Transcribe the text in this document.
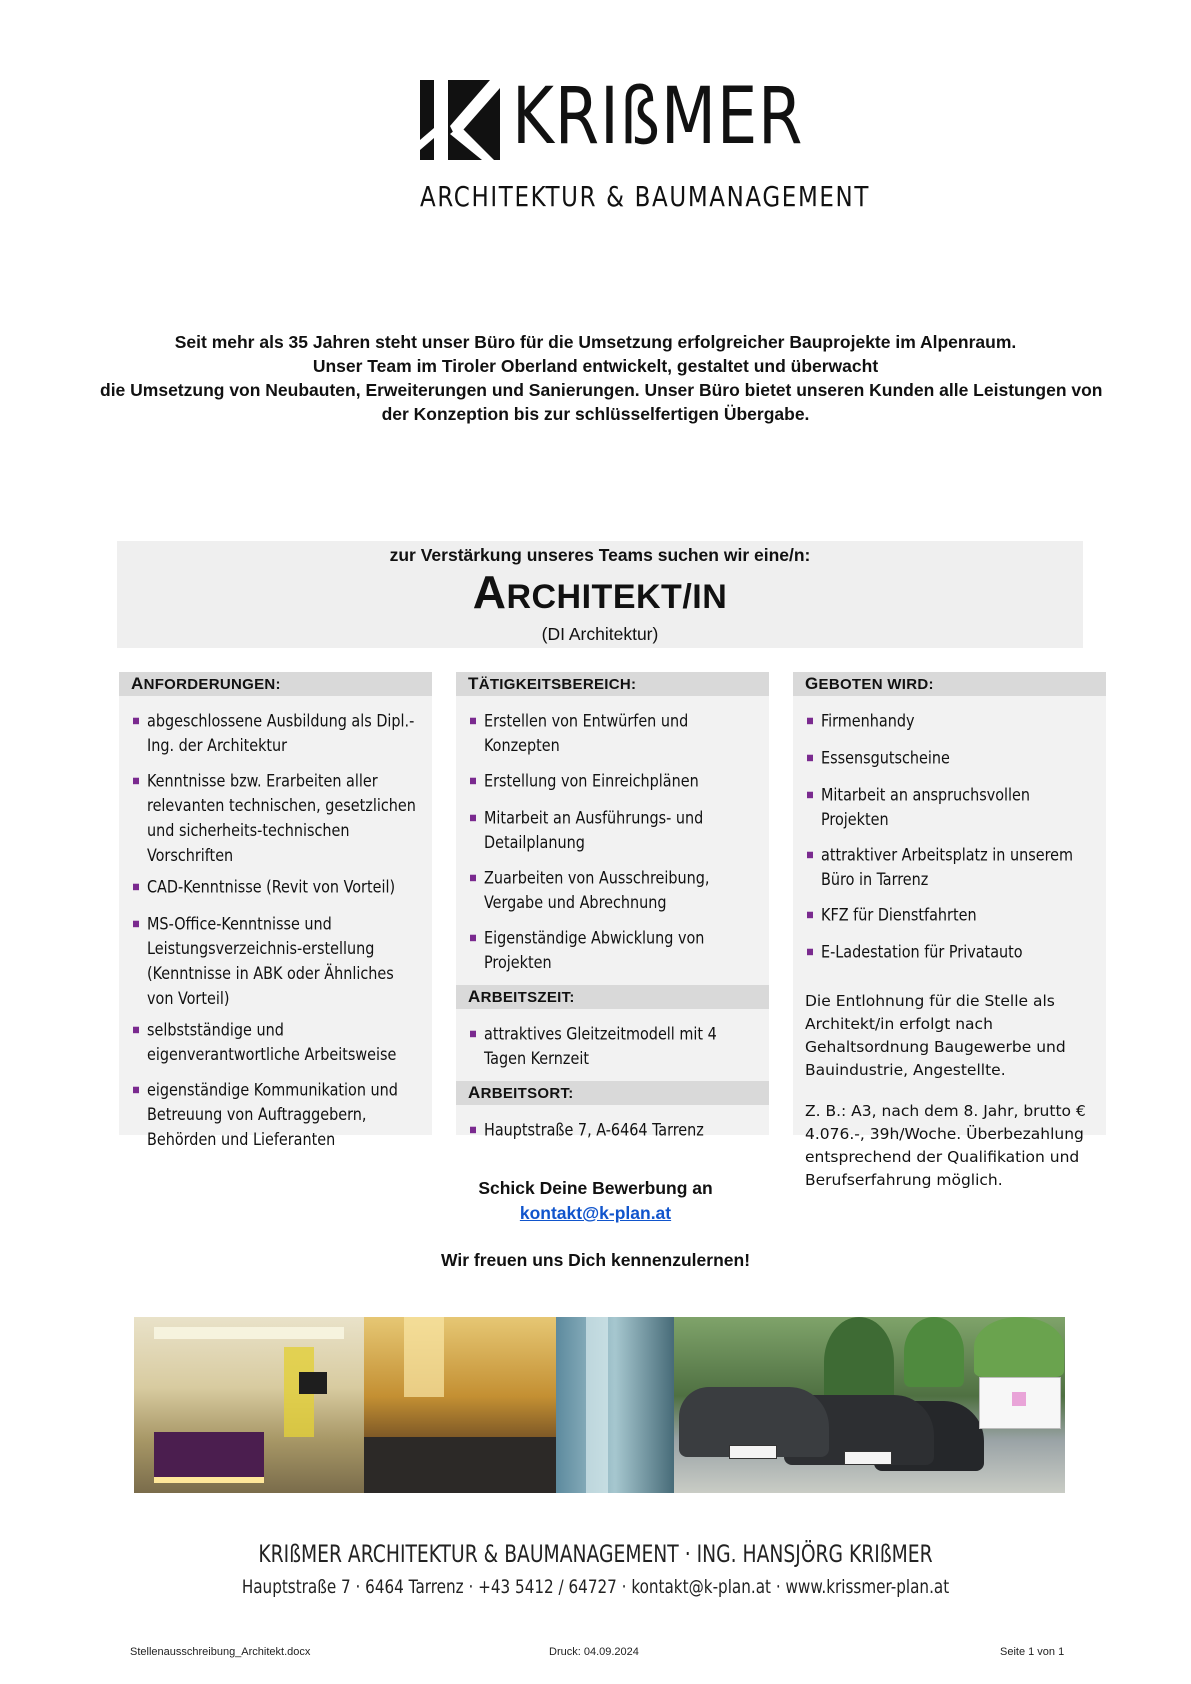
KRIßMER
ARCHITEKTUR & BAUMANAGEMENT
Seit mehr als 35 Jahren steht unser Büro für die Umsetzung erfolgreicher Bauprojekte im Alpenraum.
Unser Team im Tiroler Oberland entwickelt, gestaltet und überwacht
die Umsetzung von Neubauten, Erweiterungen und Sanierungen. Unser Büro bietet unseren Kunden alle Leistungen von
der Konzeption bis zur schlüsselfertigen Übergabe.
zur Verstärkung unseres Teams suchen wir eine/n:
ARCHITEKT/IN
(DI Architektur)
ANFORDERUNGEN:
abgeschlossene Ausbildung als Dipl.-Ing. der Architektur
Kenntnisse bzw. Erarbeiten aller relevanten technischen, gesetzlichen und sicherheits-technischen Vorschriften
CAD-Kenntnisse (Revit von Vorteil)
MS-Office-Kenntnisse und Leistungsverzeichnis-erstellung (Kenntnisse in ABK oder Ähnliches von Vorteil)
selbstständige und eigenverantwortliche Arbeitsweise
eigenständige Kommunikation und Betreuung von Auftraggebern, Behörden und Lieferanten
TÄTIGKEITSBEREICH:
Erstellen von Entwürfen und Konzepten
Erstellung von Einreichplänen
Mitarbeit an Ausführungs- und Detailplanung
Zuarbeiten von Ausschreibung, Vergabe und Abrechnung
Eigenständige Abwicklung von Projekten
ARBEITSZEIT:
attraktives Gleitzeitmodell mit 4 Tagen Kernzeit
ARBEITSORT:
Hauptstraße 7, A-6464 Tarrenz
GEBOTEN WIRD:
Firmenhandy
Essensgutscheine
Mitarbeit an anspruchsvollen Projekten
attraktiver Arbeitsplatz in unserem Büro in Tarrenz
KFZ für Dienstfahrten
E-Ladestation für Privatauto

Die Entlohnung für die Stelle als Architekt/in erfolgt nach Gehaltsordnung Baugewerbe und Bauindustrie, Angestellte.

Z. B.: A3, nach dem 8. Jahr, brutto € 4.076.-, 39h/Woche. Überbezahlung entsprechend der Qualifikation und Berufserfahrung möglich.

Schick Deine Bewerbung an
kontakt@k-plan.at
Wir freuen uns Dich kennenzulernen!
KRIßMER ARCHITEKTUR & BAUMANAGEMENT · ING. HANSJÖRG KRIßMER
Hauptstraße 7 · 6464 Tarrenz · +43 5412 / 64727 · kontakt@k-plan.at · www.krissmer-plan.at
Stellenausschreibung_Architekt.docx	Druck: 04.09.2024	Seite 1 von 1
